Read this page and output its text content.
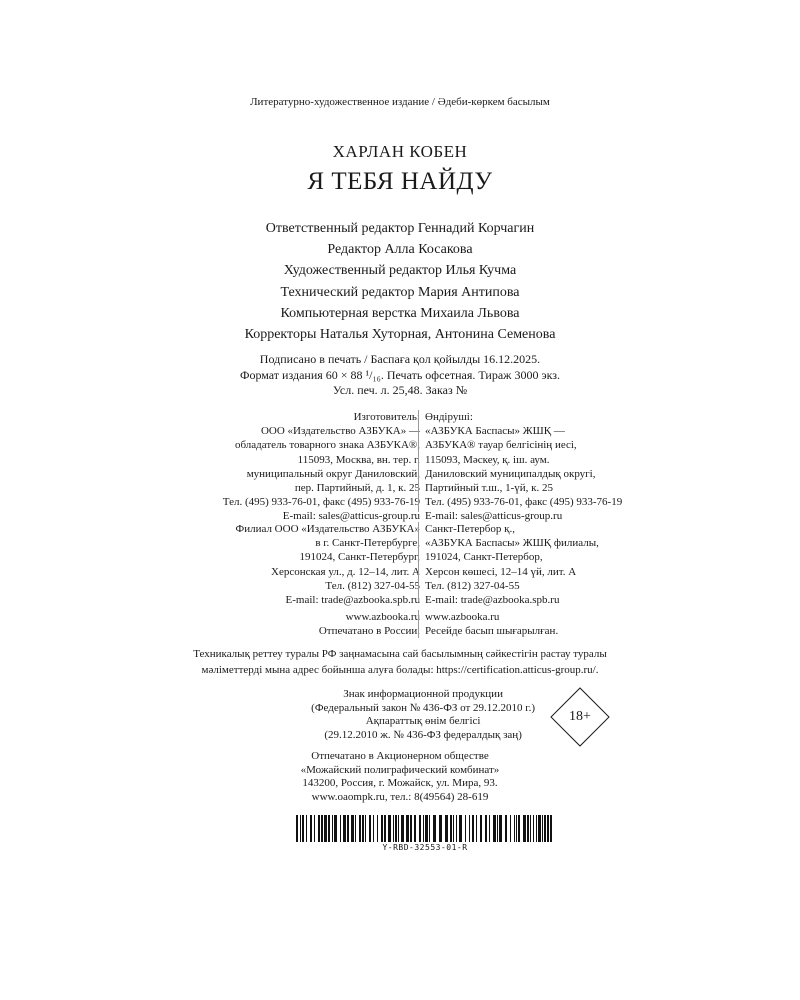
Литературно-художественное издание / Әдеби-көркем басылым
ХАРЛАН КОБЕН
Я ТЕБЯ НАЙДУ
Ответственный редактор Геннадий Корчагин
Редактор Алла Косакова
Художественный редактор Илья Кучма
Технический редактор Мария Антипова
Компьютерная верстка Михаила Львова
Корректоры Наталья Хуторная, Антонина Семенова
Подписано в печать / Баспаға қол қойылды 16.12.2025.
Формат издания 60 × 88 ¹/₁₆. Печать офсетная. Тираж 3000 экз.
Усл. печ. л. 25,48. Заказ №
Изготовитель:
ООО «Издательство АЗБУКА» —
обладатель товарного знака АЗБУКА®,
115093, Москва, вн. тер. г.
муниципальный округ Даниловский,
пер. Партийный, д. 1, к. 25
Тел. (495) 933-76-01, факс (495) 933-76-19
E-mail: sales@atticus-group.ru
Өндіруші:
«АЗБУКА Баспасы» ЖШҚ —
АЗБУКА® тауар белгісінің иесі,
115093, Мәскеу, қ. іш. аум.
Даниловский муниципалдық округі,
Партийный т.ш., 1-үй, к. 25
Тел. (495) 933-76-01, факс (495) 933-76-19
E-mail: sales@atticus-group.ru
Филиал ООО «Издательство АЗБУКА»
в г. Санкт-Петербурге,
191024, Санкт-Петербург,
Херсонская ул., д. 12–14, лит. А
Тел. (812) 327-04-55
E-mail: trade@azbooka.spb.ru
Санкт-Петербор қ.,
«АЗБУКА Баспасы» ЖШҚ филиалы,
191024, Санкт-Петербор,
Херсон көшесі, 12–14 үй, лит. А
Тел. (812) 327-04-55
E-mail: trade@azbooka.spb.ru
www.azbooka.ru
Отпечатано в России.
www.azbooka.ru
Ресейде басып шығарылған.
Техникалық реттеу туралы РФ заңнамасына сай басылымның сәйкестігін растау туралы
мәліметтерді мына адрес бойынша алуға болады: https://certification.atticus-group.ru/.
Знак информационной продукции
(Федеральный закон № 436-ФЗ от 29.12.2010 г.)
Ақпараттық өнім белгісі
(29.12.2010 ж. № 436-ФЗ федералдық заң)
18+
Отпечатано в Акционерном обществе
«Можайский полиграфический комбинат»
143200, Россия, г. Можайск, ул. Мира, 93.
www.oaompk.ru, тел.: 8(49564) 28-619
Y-RBD-32553-01-R
